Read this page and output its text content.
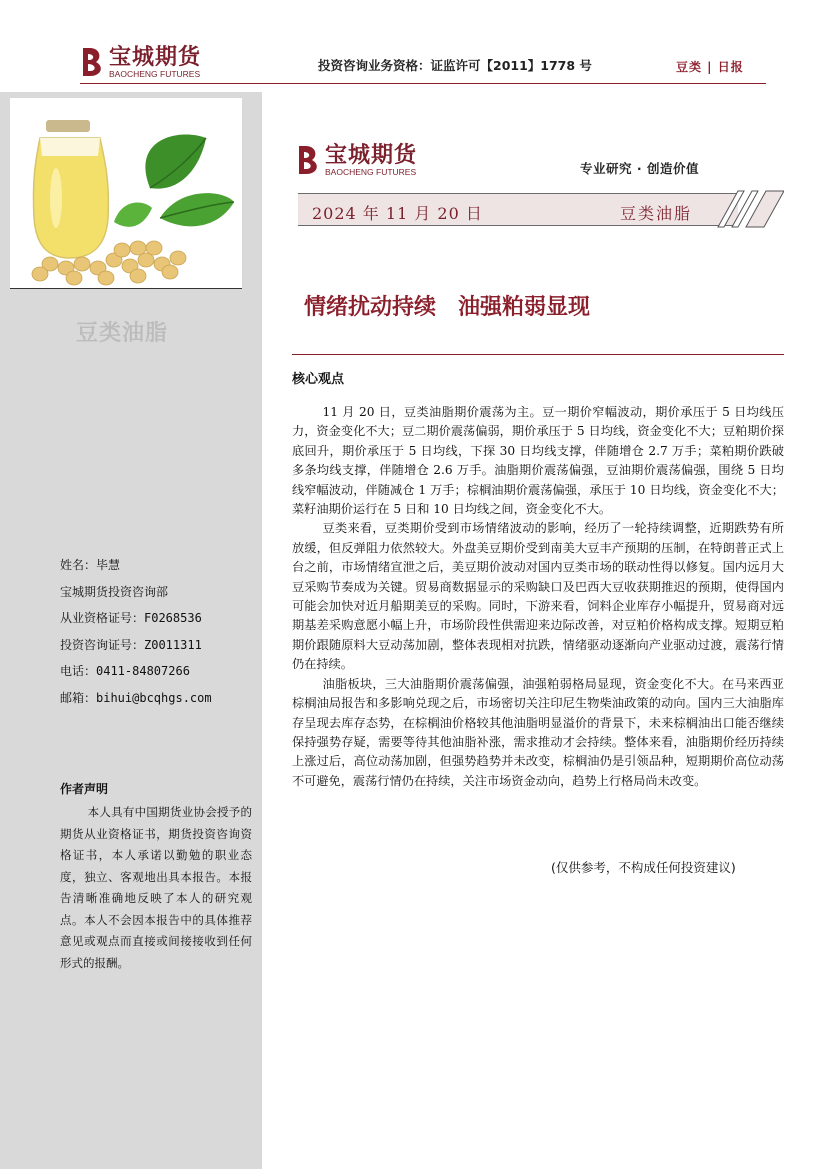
宝城期货
BAOCHENG FUTURES
投资咨询业务资格：证监许可【2011】1778 号	豆类 | 日报
豆类油脂
姓名：毕慧
宝城期货投资咨询部
从业资格证号：F0268536
投资咨询证号：Z0011311
电话：0411-84807266
邮箱：bihui@bcqhgs.com
作者声明
本人具有中国期货业协会授予的期货从业资格证书，期货投资咨询资格证书，本人承诺以勤勉的职业态度，独立、客观地出具本报告。本报告清晰准确地反映了本人的研究观点。本人不会因本报告中的具体推荐意见或观点而直接或间接接收到任何形式的报酬。
宝城期货
BAOCHENG FUTURES	专业研究 · 创造价值
2024 年 11 月 20 日	豆类油脂
情绪扰动持续　油强粕弱显现
核心观点

11 月 20 日，豆类油脂期价震荡为主。豆一期价窄幅波动，期价承压于 5 日均线压力，资金变化不大；豆二期价震荡偏弱，期价承压于 5 日均线，资金变化不大；豆粕期价探底回升，期价承压于 5 日均线，下探 30 日均线支撑，伴随增仓 2.7 万手；菜粕期价跌破多条均线支撑，伴随增仓 2.6 万手。油脂期价震荡偏强，豆油期价震荡偏强，围绕 5 日均线窄幅波动，伴随减仓 1 万手；棕榈油期价震荡偏强，承压于 10 日均线，资金变化不大；菜籽油期价运行在 5 日和 10 日均线之间，资金变化不大。

豆类来看，豆类期价受到市场情绪波动的影响，经历了一轮持续调整，近期跌势有所放缓，但反弹阻力依然较大。外盘美豆期价受到南美大豆丰产预期的压制，在特朗普正式上台之前，市场情绪宣泄之后，美豆期价波动对国内豆类市场的联动性得以修复。国内远月大豆采购节奏成为关键。贸易商数据显示的采购缺口及巴西大豆收获期推迟的预期，使得国内可能会加快对近月船期美豆的采购。同时，下游来看，饲料企业库存小幅提升，贸易商对远期基差采购意愿小幅上升，市场阶段性供需迎来边际改善，对豆粕价格构成支撑。短期豆粕期价跟随原料大豆动荡加剧，整体表现相对抗跌，情绪驱动逐渐向产业驱动过渡，震荡行情仍在持续。

油脂板块，三大油脂期价震荡偏强，油强粕弱格局显现，资金变化不大。在马来西亚棕榈油局报告和多影响兑现之后，市场密切关注印尼生物柴油政策的动向。国内三大油脂库存呈现去库存态势，在棕榈油价格较其他油脂明显溢价的背景下，未来棕榈油出口能否继续保持强势存疑，需要等待其他油脂补涨，需求推动才会持续。整体来看，油脂期价经历持续上涨过后，高位动荡加剧，但强势趋势并未改变，棕榈油仍是引领品种，短期期价高位动荡不可避免，震荡行情仍在持续，关注市场资金动向，趋势上行格局尚未改变。

(仅供参考，不构成任何投资建议)
